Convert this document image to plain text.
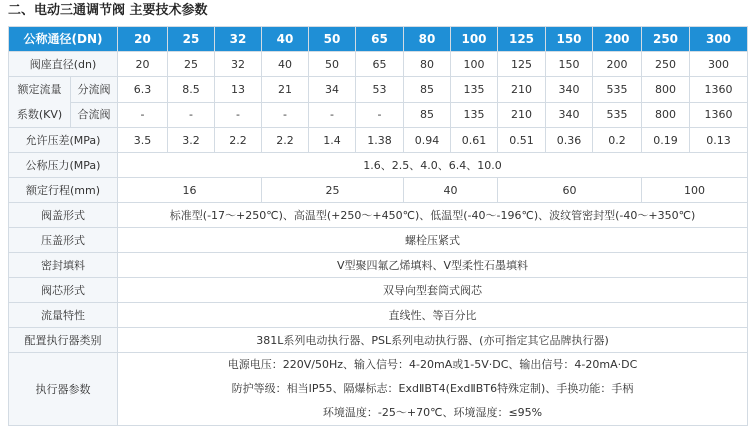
二、电动三通调节阀 主要技术参数
公称通径(DN)		20	25	32	40	50	65	80	100	125	150	200	250	300
阀座直径(dn)		20	25	32	40	50	65	80	100	125	150	200	250	300

额定流量
系数(KV)	分流阀	6.3	8.5	13	21	34	53	85	135	210	340	535	800	1360
	合流阀	-	-	-	-	-	-	85	135	210	340	535	800	1360
允许压差(MPa)		3.5	3.2	2.2	2.2	1.4	1.38	0.94	0.61	0.51	0.36	0.2	0.19	0.13
公称压力(MPa)		1.6、2.5、4.0、6.4、10.0												
额定行程(mm)		16			25			40		60			100	
阀盖形式		标准型(-17～+250℃)、高温型(+250～+450℃)、低温型(-40～-196℃)、波纹管密封型(-40～+350℃)												
压盖形式		螺栓压紧式												
密封填料		V型聚四氟乙烯填料、V型柔性石墨填料												
阀芯形式		双导向型套筒式阀芯												
流量特性		直线性、等百分比												
配置执行器类别		381L系列电动执行器、PSL系列电动执行器、(亦可指定其它品牌执行器)												
执行器参数		电源电压：220V/50Hz、输入信号：4-20mA或1-5V·DC、输出信号：4-20mA·DC
防护等级：相当IP55、隔爆标志：ExdⅡBT4(ExdⅡBT6特殊定制)、手换功能：手柄
环境温度：-25～+70℃、环境湿度：≤95%												
